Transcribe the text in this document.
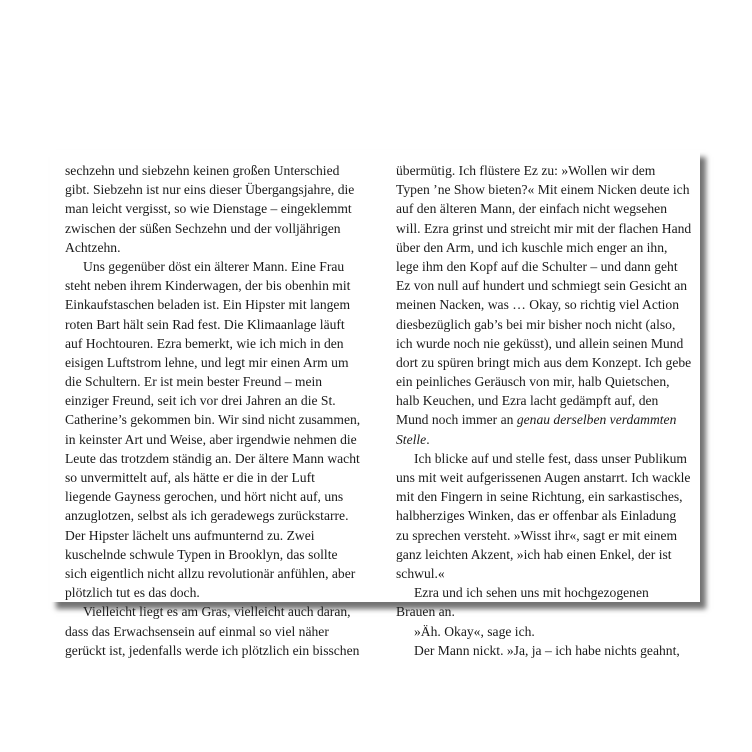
sechzehn und siebzehn keinen großen Unterschied
gibt. Siebzehn ist nur eins dieser Übergangsjahre, die
man leicht vergisst, so wie Dienstage – eingeklemmt
zwischen der süßen Sechzehn und der volljährigen
Achtzehn.
Uns gegenüber döst ein älterer Mann. Eine Frau
steht neben ihrem Kinderwagen, der bis obenhin mit
Einkaufstaschen beladen ist. Ein Hipster mit langem
roten Bart hält sein Rad fest. Die Klimaanlage läuft
auf Hochtouren. Ezra bemerkt, wie ich mich in den
eisigen Luftstrom lehne, und legt mir einen Arm um
die Schultern. Er ist mein bester Freund – mein
einziger Freund, seit ich vor drei Jahren an die St.
Catherine’s gekommen bin. Wir sind nicht zusammen,
in keinster Art und Weise, aber irgendwie nehmen die
Leute das trotzdem ständig an. Der ältere Mann wacht
so unvermittelt auf, als hätte er die in der Luft
liegende Gayness gerochen, und hört nicht auf, uns
anzuglotzen, selbst als ich geradewegs zurückstarre.
Der Hipster lächelt uns aufmunternd zu. Zwei
kuschelnde schwule Typen in Brooklyn, das sollte
sich eigentlich nicht allzu revolutionär anfühlen, aber
plötzlich tut es das doch.
Vielleicht liegt es am Gras, vielleicht auch daran,
dass das Erwachsensein auf einmal so viel näher
gerückt ist, jedenfalls werde ich plötzlich ein bisschen
übermütig. Ich flüstere Ez zu: »Wollen wir dem
Typen ’ne Show bieten?« Mit einem Nicken deute ich
auf den älteren Mann, der einfach nicht wegsehen
will. Ezra grinst und streicht mir mit der flachen Hand
über den Arm, und ich kuschle mich enger an ihn,
lege ihm den Kopf auf die Schulter – und dann geht
Ez von null auf hundert und schmiegt sein Gesicht an
meinen Nacken, was … Okay, so richtig viel Action
diesbezüglich gab’s bei mir bisher noch nicht (also,
ich wurde noch nie geküsst), und allein seinen Mund
dort zu spüren bringt mich aus dem Konzept. Ich gebe
ein peinliches Geräusch von mir, halb Quietschen,
halb Keuchen, und Ezra lacht gedämpft auf, den
Mund noch immer an genau derselben verdammten
Stelle.
Ich blicke auf und stelle fest, dass unser Publikum
uns mit weit aufgerissenen Augen anstarrt. Ich wackle
mit den Fingern in seine Richtung, ein sarkastisches,
halbherziges Winken, das er offenbar als Einladung
zu sprechen versteht. »Wisst ihr«, sagt er mit einem
ganz leichten Akzent, »ich hab einen Enkel, der ist
schwul.«
Ezra und ich sehen uns mit hochgezogenen
Brauen an.
»Äh. Okay«, sage ich.
Der Mann nickt. »Ja, ja – ich habe nichts geahnt,
